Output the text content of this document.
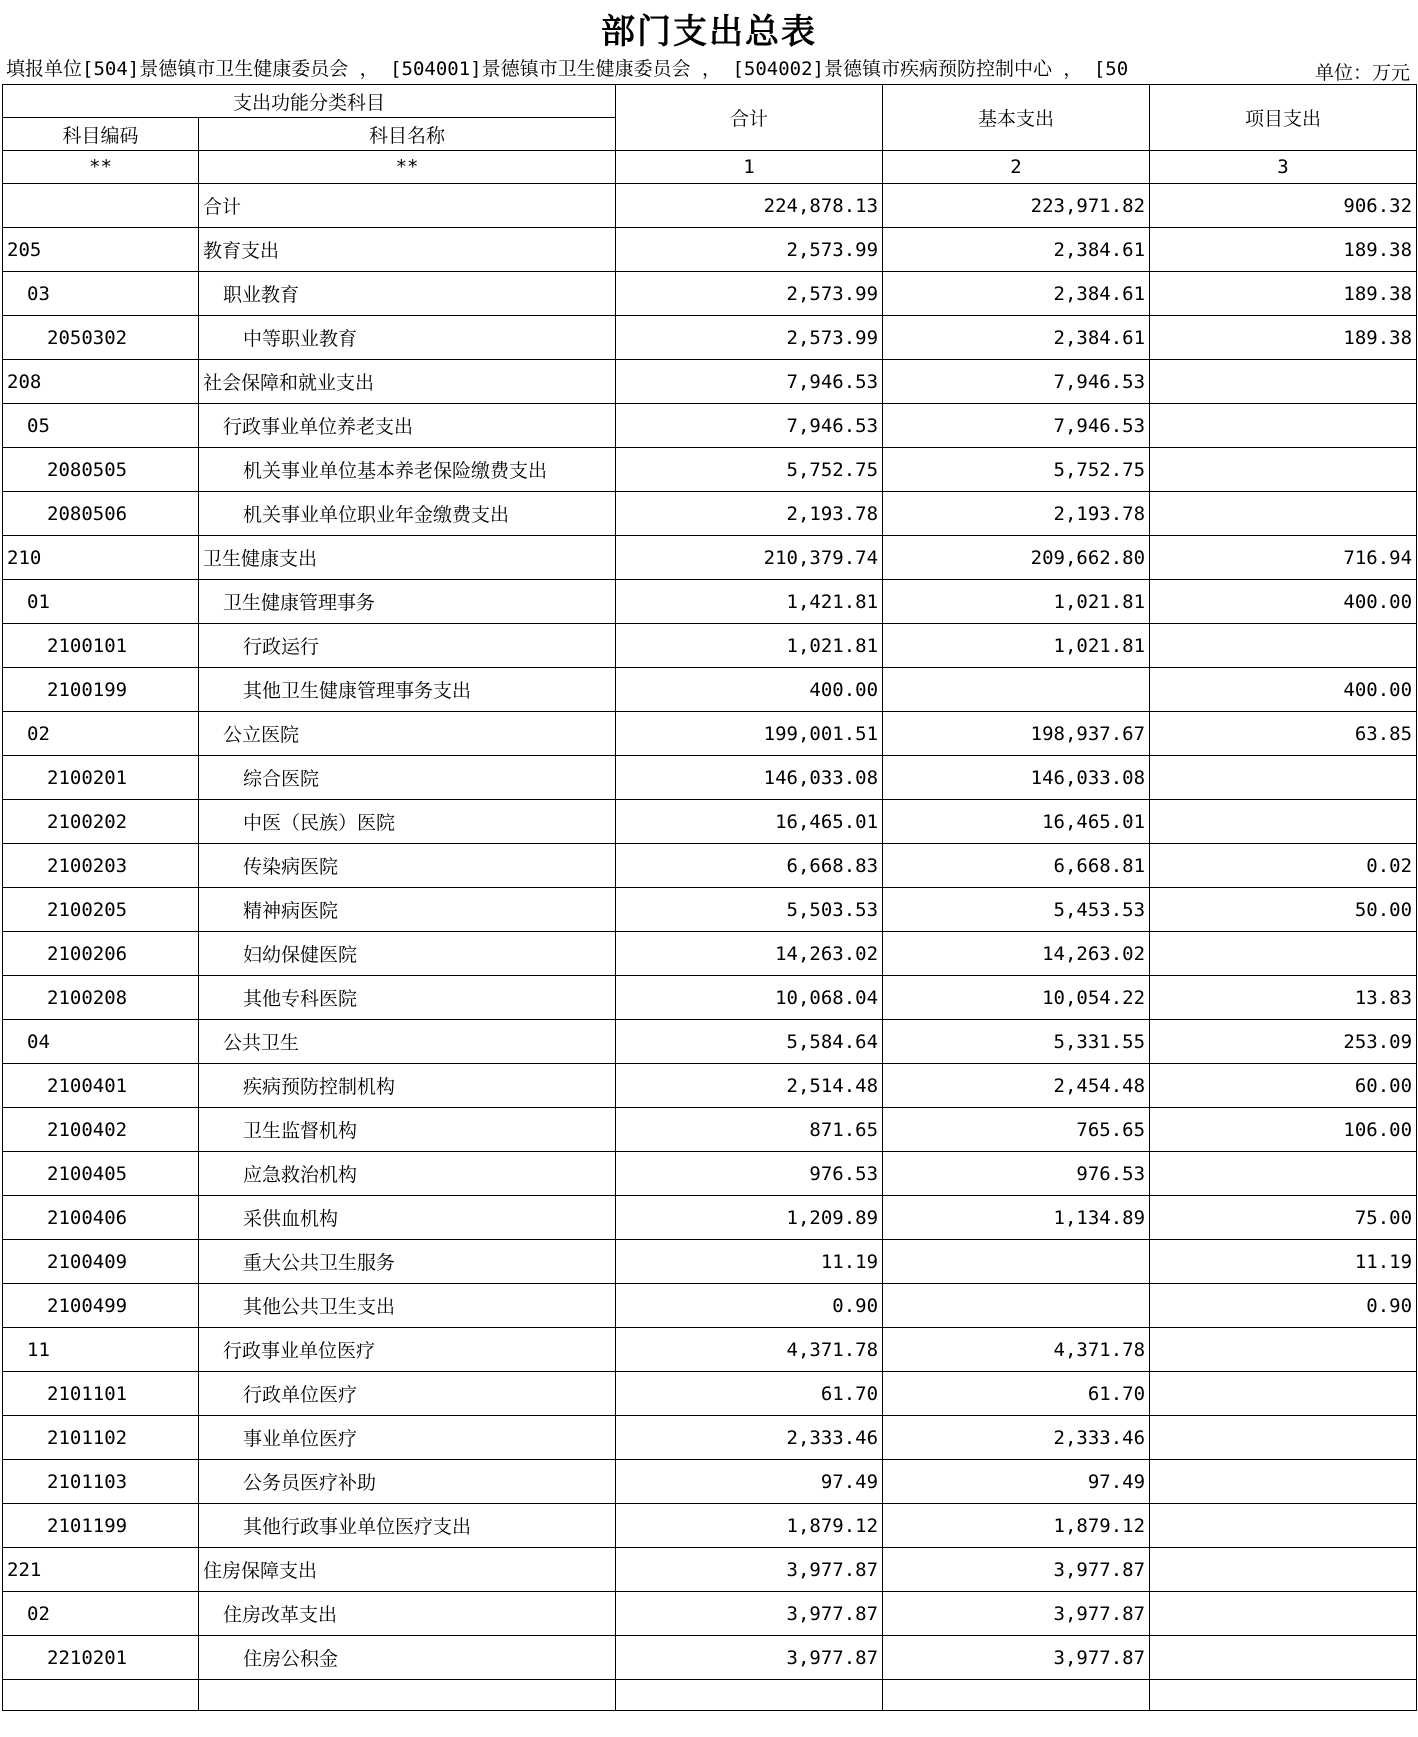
部门支出总表
填报单位[504]景德镇市卫生健康委员会 ， [504001]景德镇市卫生健康委员会 ， [504002]景德镇市疾病预防控制中心 ， [50	单位：万元
支出功能分类科目		合计	基本支出	项目支出
科目编码	科目名称			
**	**	1	2	3
	合计	224,878.13	223,971.82	906.32
205	教育支出	2,573.99	2,384.61	189.38
03	职业教育	2,573.99	2,384.61	189.38
2050302	中等职业教育	2,573.99	2,384.61	189.38
208	社会保障和就业支出	7,946.53	7,946.53	
05	行政事业单位养老支出	7,946.53	7,946.53	
2080505	机关事业单位基本养老保险缴费支出	5,752.75	5,752.75	
2080506	机关事业单位职业年金缴费支出	2,193.78	2,193.78	
210	卫生健康支出	210,379.74	209,662.80	716.94
01	卫生健康管理事务	1,421.81	1,021.81	400.00
2100101	行政运行	1,021.81	1,021.81	
2100199	其他卫生健康管理事务支出	400.00		400.00
02	公立医院	199,001.51	198,937.67	63.85
2100201	综合医院	146,033.08	146,033.08	
2100202	中医（民族）医院	16,465.01	16,465.01	
2100203	传染病医院	6,668.83	6,668.81	0.02
2100205	精神病医院	5,503.53	5,453.53	50.00
2100206	妇幼保健医院	14,263.02	14,263.02	
2100208	其他专科医院	10,068.04	10,054.22	13.83
04	公共卫生	5,584.64	5,331.55	253.09
2100401	疾病预防控制机构	2,514.48	2,454.48	60.00
2100402	卫生监督机构	871.65	765.65	106.00
2100405	应急救治机构	976.53	976.53	
2100406	采供血机构	1,209.89	1,134.89	75.00
2100409	重大公共卫生服务	11.19		11.19
2100499	其他公共卫生支出	0.90		0.90
11	行政事业单位医疗	4,371.78	4,371.78	
2101101	行政单位医疗	61.70	61.70	
2101102	事业单位医疗	2,333.46	2,333.46	
2101103	公务员医疗补助	97.49	97.49	
2101199	其他行政事业单位医疗支出	1,879.12	1,879.12	
221	住房保障支出	3,977.87	3,977.87	
02	住房改革支出	3,977.87	3,977.87	
2210201	住房公积金	3,977.87	3,977.87	
